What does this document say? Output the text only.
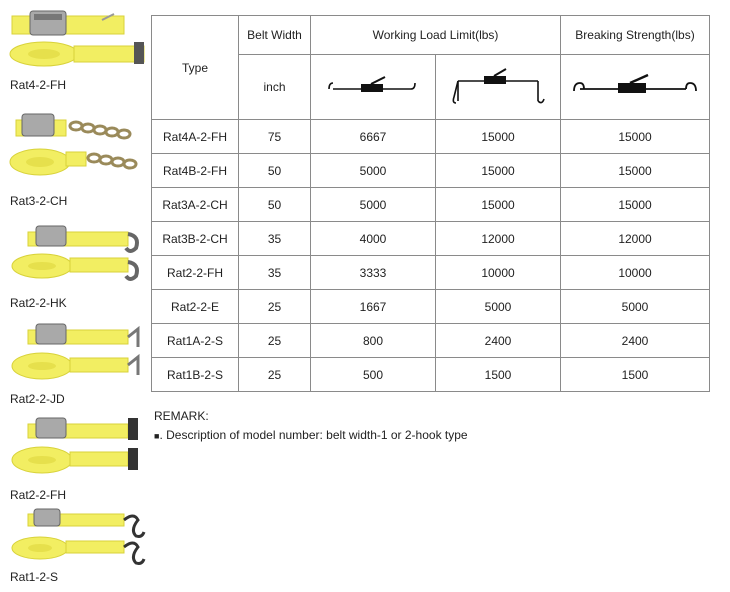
Rat4-2-FH
Rat3-2-CH
Rat2-2-HK
Rat2-2-JD
Rat2-2-FH
Rat1-2-S
Type	Belt Width	Working Load Limit(lbs)		Breaking Strength(lbs)
	inch			
Rat4A-2-FH	75	6667	15000	15000
Rat4B-2-FH	50	5000	15000	15000
Rat3A-2-CH	50	5000	15000	15000
Rat3B-2-CH	35	4000	12000	12000
Rat2-2-FH	35	3333	10000	10000
Rat2-2-E	25	1667	5000	5000
Rat1A-2-S	25	800	2400	2400
Rat1B-2-S	25	500	1500	1500
REMARK:
■. Description of model number: belt width-1 or 2-hook type
